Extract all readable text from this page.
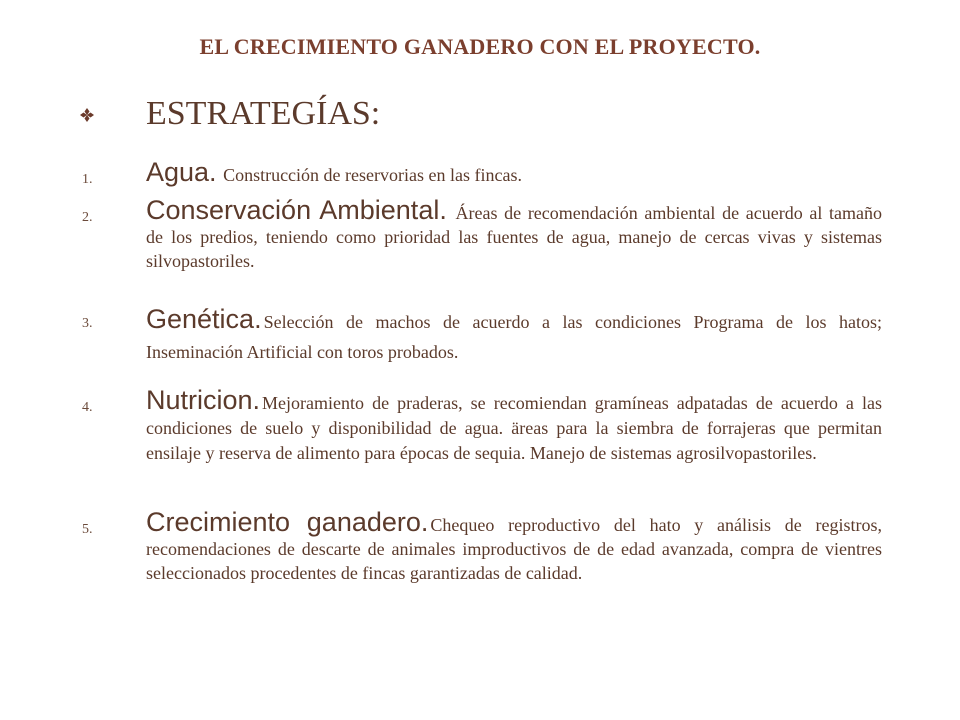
EL CRECIMIENTO GANADERO CON EL PROYECTO.
ESTRATEGÍAS:
1. Agua. Construcción de reservorias en las fincas.
2. Conservación Ambiental. Áreas de recomendación ambiental de acuerdo al tamaño de los predios, teniendo como prioridad las fuentes de agua, manejo de cercas vivas y sistemas silvopastoriles.
3. Genética. Selección de machos de acuerdo a las condiciones Programa de los hatos; Inseminación Artificial con toros probados.
4. Nutricion. Mejoramiento de praderas, se recomiendan gramíneas adpatadas de acuerdo a las condiciones de suelo y disponibilidad de agua. äreas para la siembra de forrajeras que permitan ensilaje y reserva de alimento para épocas de sequia. Manejo de sistemas agrosilvopastoriles.
5. Crecimiento ganadero. Chequeo reproductivo del hato y análisis de registros, recomendaciones de descarte de animales improductivos de de edad avanzada, compra de vientres seleccionados procedentes de fincas garantizadas de calidad.
